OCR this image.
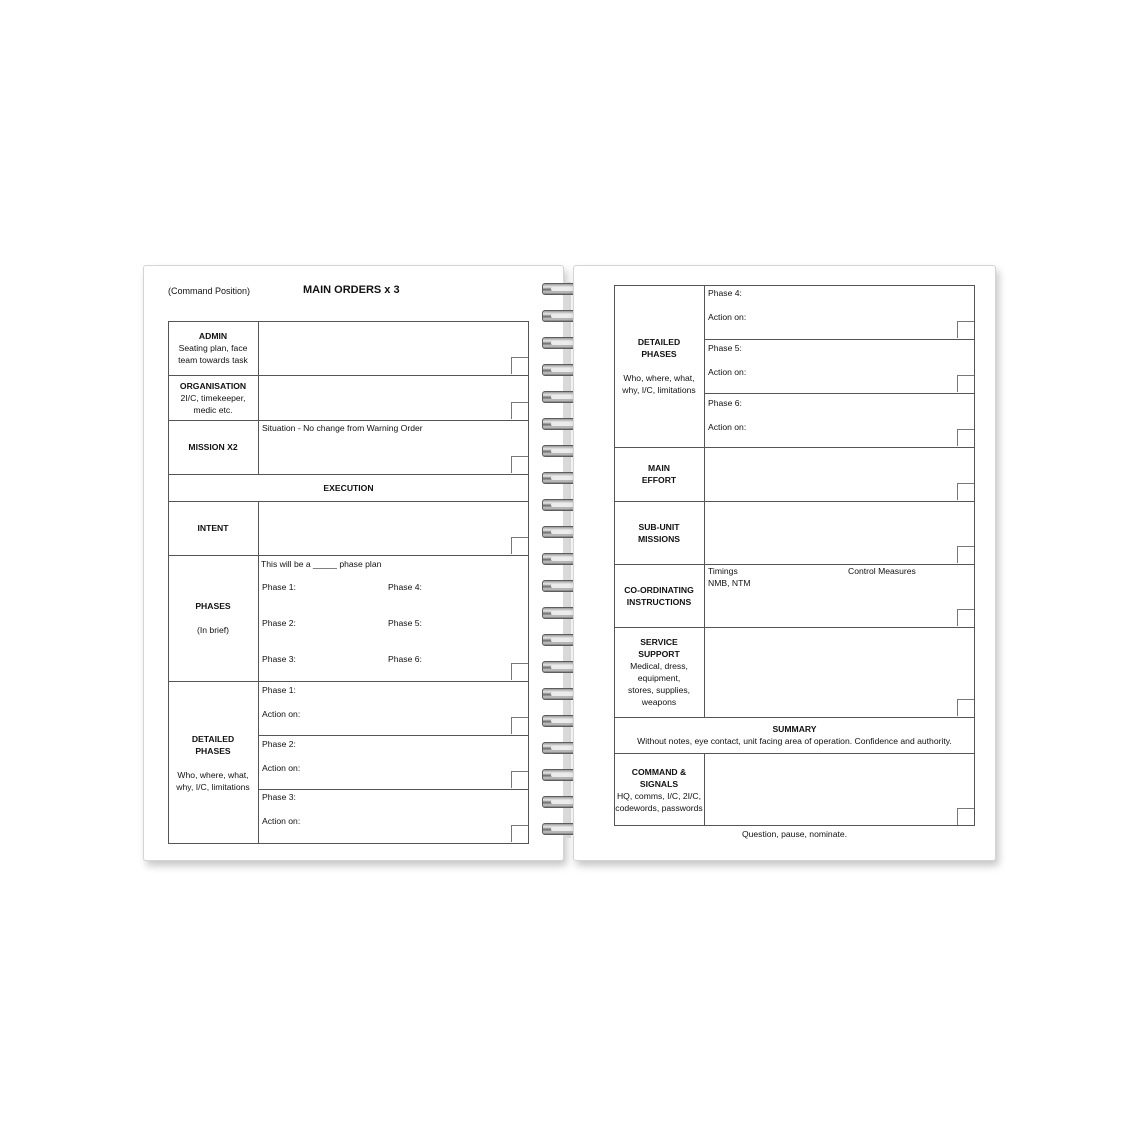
(Command Position)	MAIN ORDERS x 3
ADMIN
Seating plan, face team towards task
ORGANISATION
2I/C, timekeeper, medic etc.
MISSION X2
Situation - No change from Warning Order
EXECUTION
INTENT
PHASES
(In brief)
This will be a _____ phase plan
Phase 1:
Phase 2:
Phase 3:
Phase 4:
Phase 5:
Phase 6:
DETAILED PHASES
Who, where, what, why, I/C, limitations
Phase 1:
Action on:
Phase 2:
Action on:
Phase 3:
Action on:
DETAILED PHASES
Who, where, what, why, I/C, limitations
Phase 4:
Action on:
Phase 5:
Action on:
Phase 6:
Action on:
MAIN EFFORT
SUB-UNIT MISSIONS
CO-ORDINATING INSTRUCTIONS
Timings
NMB, NTM
Control Measures
SERVICE SUPPORT
Medical, dress, equipment, stores, supplies, weapons
SUMMARY
Without notes, eye contact, unit facing area of operation. Confidence and authority.
COMMAND & SIGNALS
HQ, comms, I/C, 2I/C, codewords, passwords
Question, pause, nominate.
